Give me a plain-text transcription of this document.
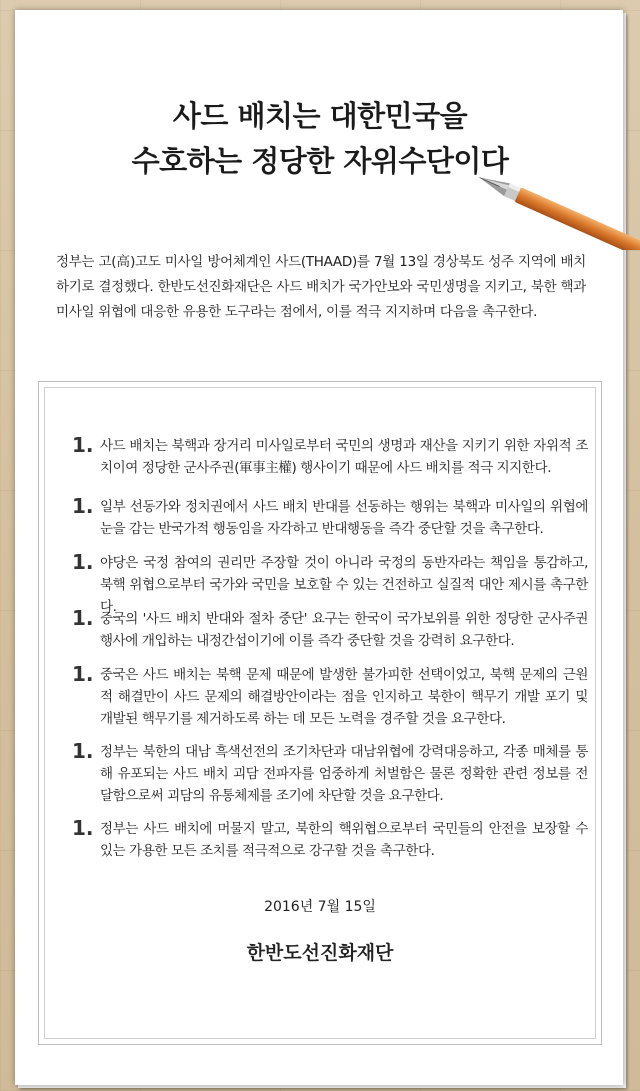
사드 배치는 대한민국을
수호하는 정당한 자위수단이다
정부는 고(高)고도 미사일 방어체계인 사드(THAAD)를 7월 13일 경상북도 성주 지역에 배치하기로 결정했다. 한반도선진화재단은 사드 배치가 국가안보와 국민생명을 지키고, 북한 핵과 미사일 위협에 대응한 유용한 도구라는 점에서, 이를 적극 지지하며 다음을 촉구한다.
1. 사드 배치는 북핵과 장거리 미사일로부터 국민의 생명과 재산을 지키기 위한 자위적 조치이여 정당한 군사주권(軍事主權) 행사이기 때문에 사드 배치를 적극 지지한다.
1. 일부 선동가와 정치권에서 사드 배치 반대를 선동하는 행위는 북핵과 미사일의 위협에 눈을 감는 반국가적 행동임을 자각하고 반대행동을 즉각 중단할 것을 촉구한다.
1. 야당은 국정 참여의 권리만 주장할 것이 아니라 국정의 동반자라는 책임을 통감하고, 북핵 위협으로부터 국가와 국민을 보호할 수 있는 건전하고 실질적 대안 제시를 촉구한다.
1. 중국의 '사드 배치 반대와 절차 중단' 요구는 한국이 국가보위를 위한 정당한 군사주권 행사에 개입하는 내정간섭이기에 이를 즉각 중단할 것을 강력히 요구한다.
1. 중국은 사드 배치는 북핵 문제 때문에 발생한 불가피한 선택이었고, 북핵 문제의 근원적 해결만이 사드 문제의 해결방안이라는 점을 인지하고 북한이 핵무기 개발 포기 및 개발된 핵무기를 제거하도록 하는 데 모든 노력을 경주할 것을 요구한다.
1. 정부는 북한의 대남 흑색선전의 조기차단과 대남위협에 강력대응하고, 각종 매체를 통해 유포되는 사드 배치 괴담 전파자를 엄중하게 처벌함은 물론 정확한 관련 정보를 전달함으로써 괴담의 유통체제를 조기에 차단할 것을 요구한다.
1. 정부는 사드 배치에 머물지 말고, 북한의 핵위협으로부터 국민들의 안전을 보장할 수 있는 가용한 모든 조치를 적극적으로 강구할 것을 촉구한다.
2016년 7월 15일
한반도선진화재단
